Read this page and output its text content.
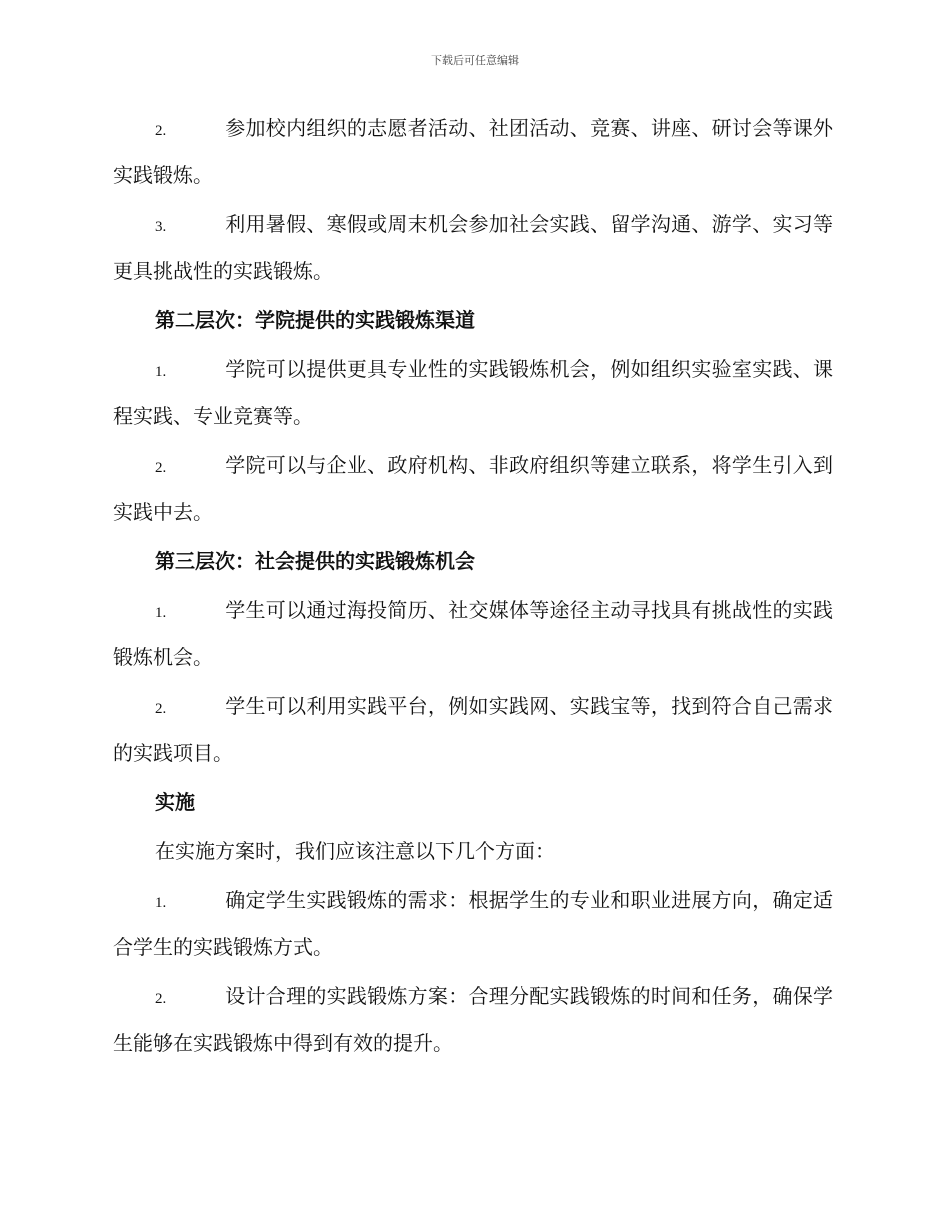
下载后可任意编辑

2.	参加校内组织的志愿者活动、社团活动、竞赛、讲座、研讨会等课外实践锻炼。

3.	利用暑假、寒假或周末机会参加社会实践、留学沟通、游学、实习等更具挑战性的实践锻炼。

第二层次：学院提供的实践锻炼渠道

1.	学院可以提供更具专业性的实践锻炼机会，例如组织实验室实践、课程实践、专业竞赛等。

2.	学院可以与企业、政府机构、非政府组织等建立联系，将学生引入到实践中去。

第三层次：社会提供的实践锻炼机会

1.	学生可以通过海投简历、社交媒体等途径主动寻找具有挑战性的实践锻炼机会。

2.	学生可以利用实践平台，例如实践网、实践宝等，找到符合自己需求的实践项目。

实施

在实施方案时，我们应该注意以下几个方面：

1.	确定学生实践锻炼的需求：根据学生的专业和职业进展方向，确定适合学生的实践锻炼方式。

2.	设计合理的实践锻炼方案：合理分配实践锻炼的时间和任务，确保学生能够在实践锻炼中得到有效的提升。
